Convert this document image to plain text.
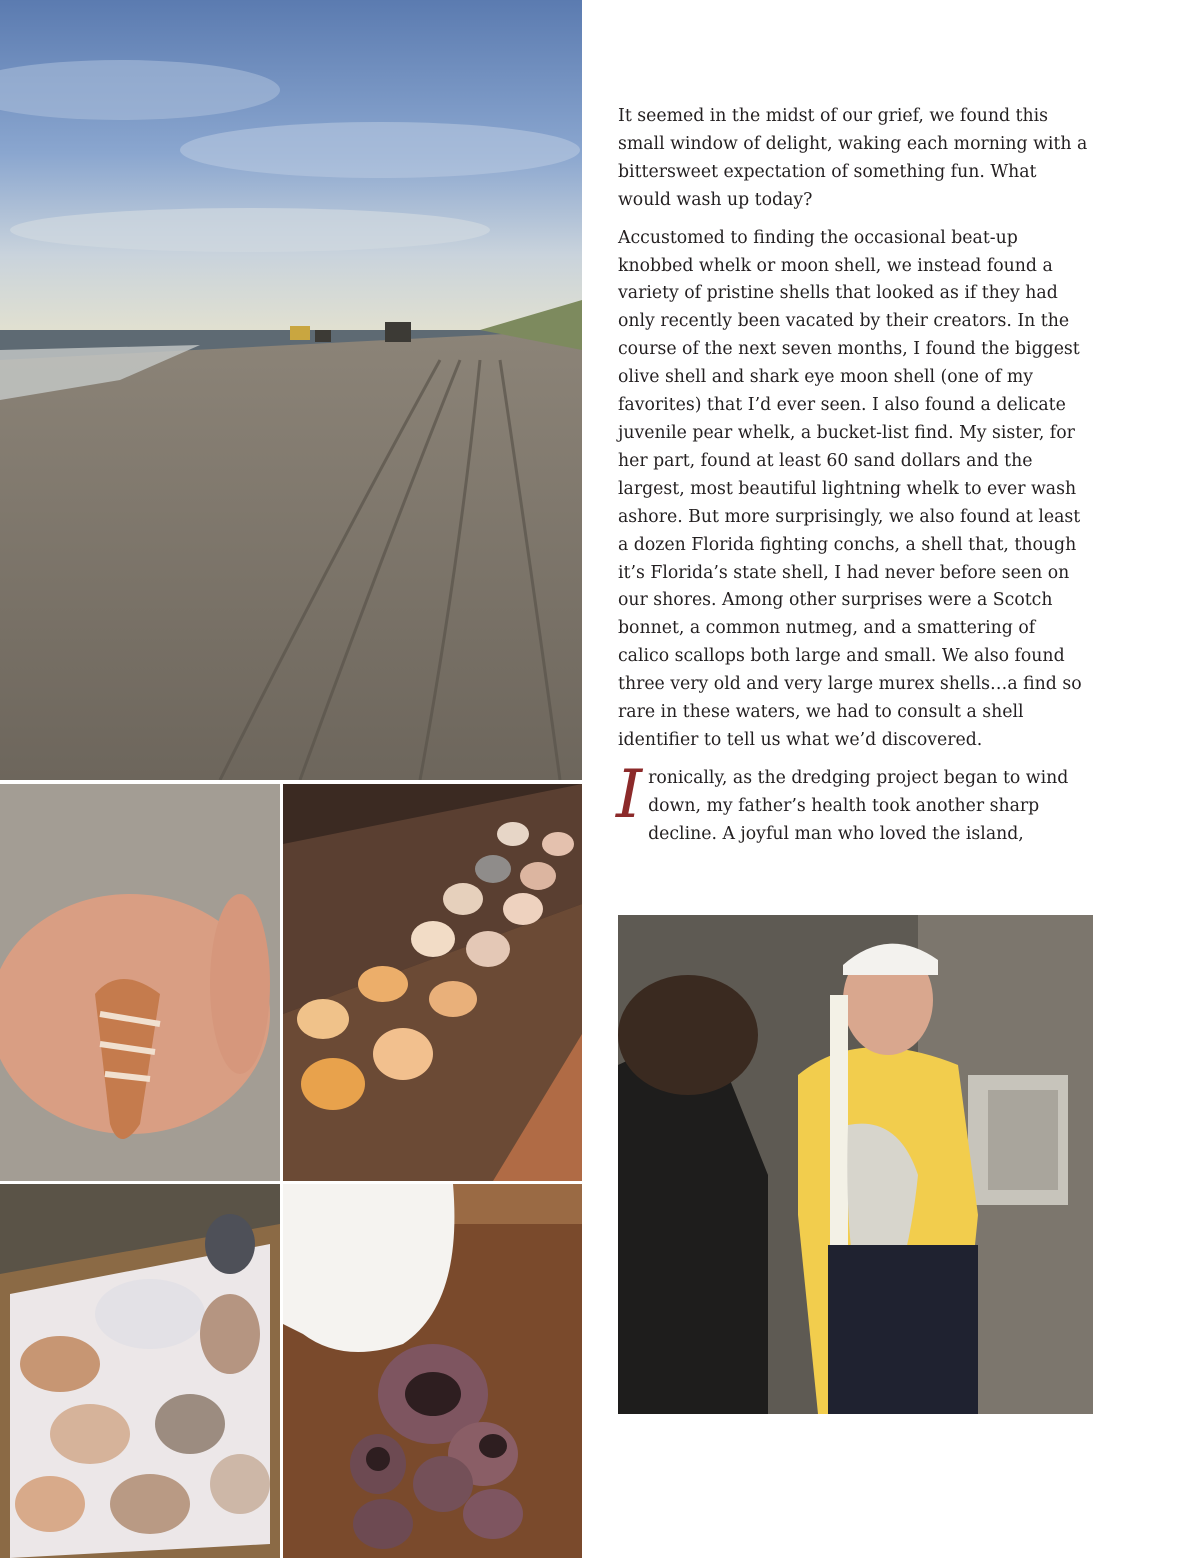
It seemed in the midst of our grief, we found this small window of delight, waking each morning with a bittersweet expectation of something fun. What would wash up today?

Accustomed to finding the occasional beat-up knobbed whelk or moon shell, we instead found a variety of pristine shells that looked as if they had only recently been vacated by their creators. In the course of the next seven months, I found the biggest olive shell and shark eye moon shell (one of my favorites) that I’d ever seen. I also found a delicate juvenile pear whelk, a bucket-list find. My sister, for her part, found at least 60 sand dollars and the largest, most beautiful lightning whelk to ever wash ashore. But more surprisingly, we also found at least a dozen Florida fighting conchs, a shell that, though it’s Florida’s state shell, I had never before seen on our shores. Among other surprises were a Scotch bonnet, a common nutmeg, and a smattering of calico scallops both large and small. We also found three very old and very large murex shells…a find so rare in these waters, we had to consult a shell identifier to tell us what we’d discovered.

Ironically, as the dredging project began to wind down, my father’s health took another sharp decline. A joyful man who loved the island,
